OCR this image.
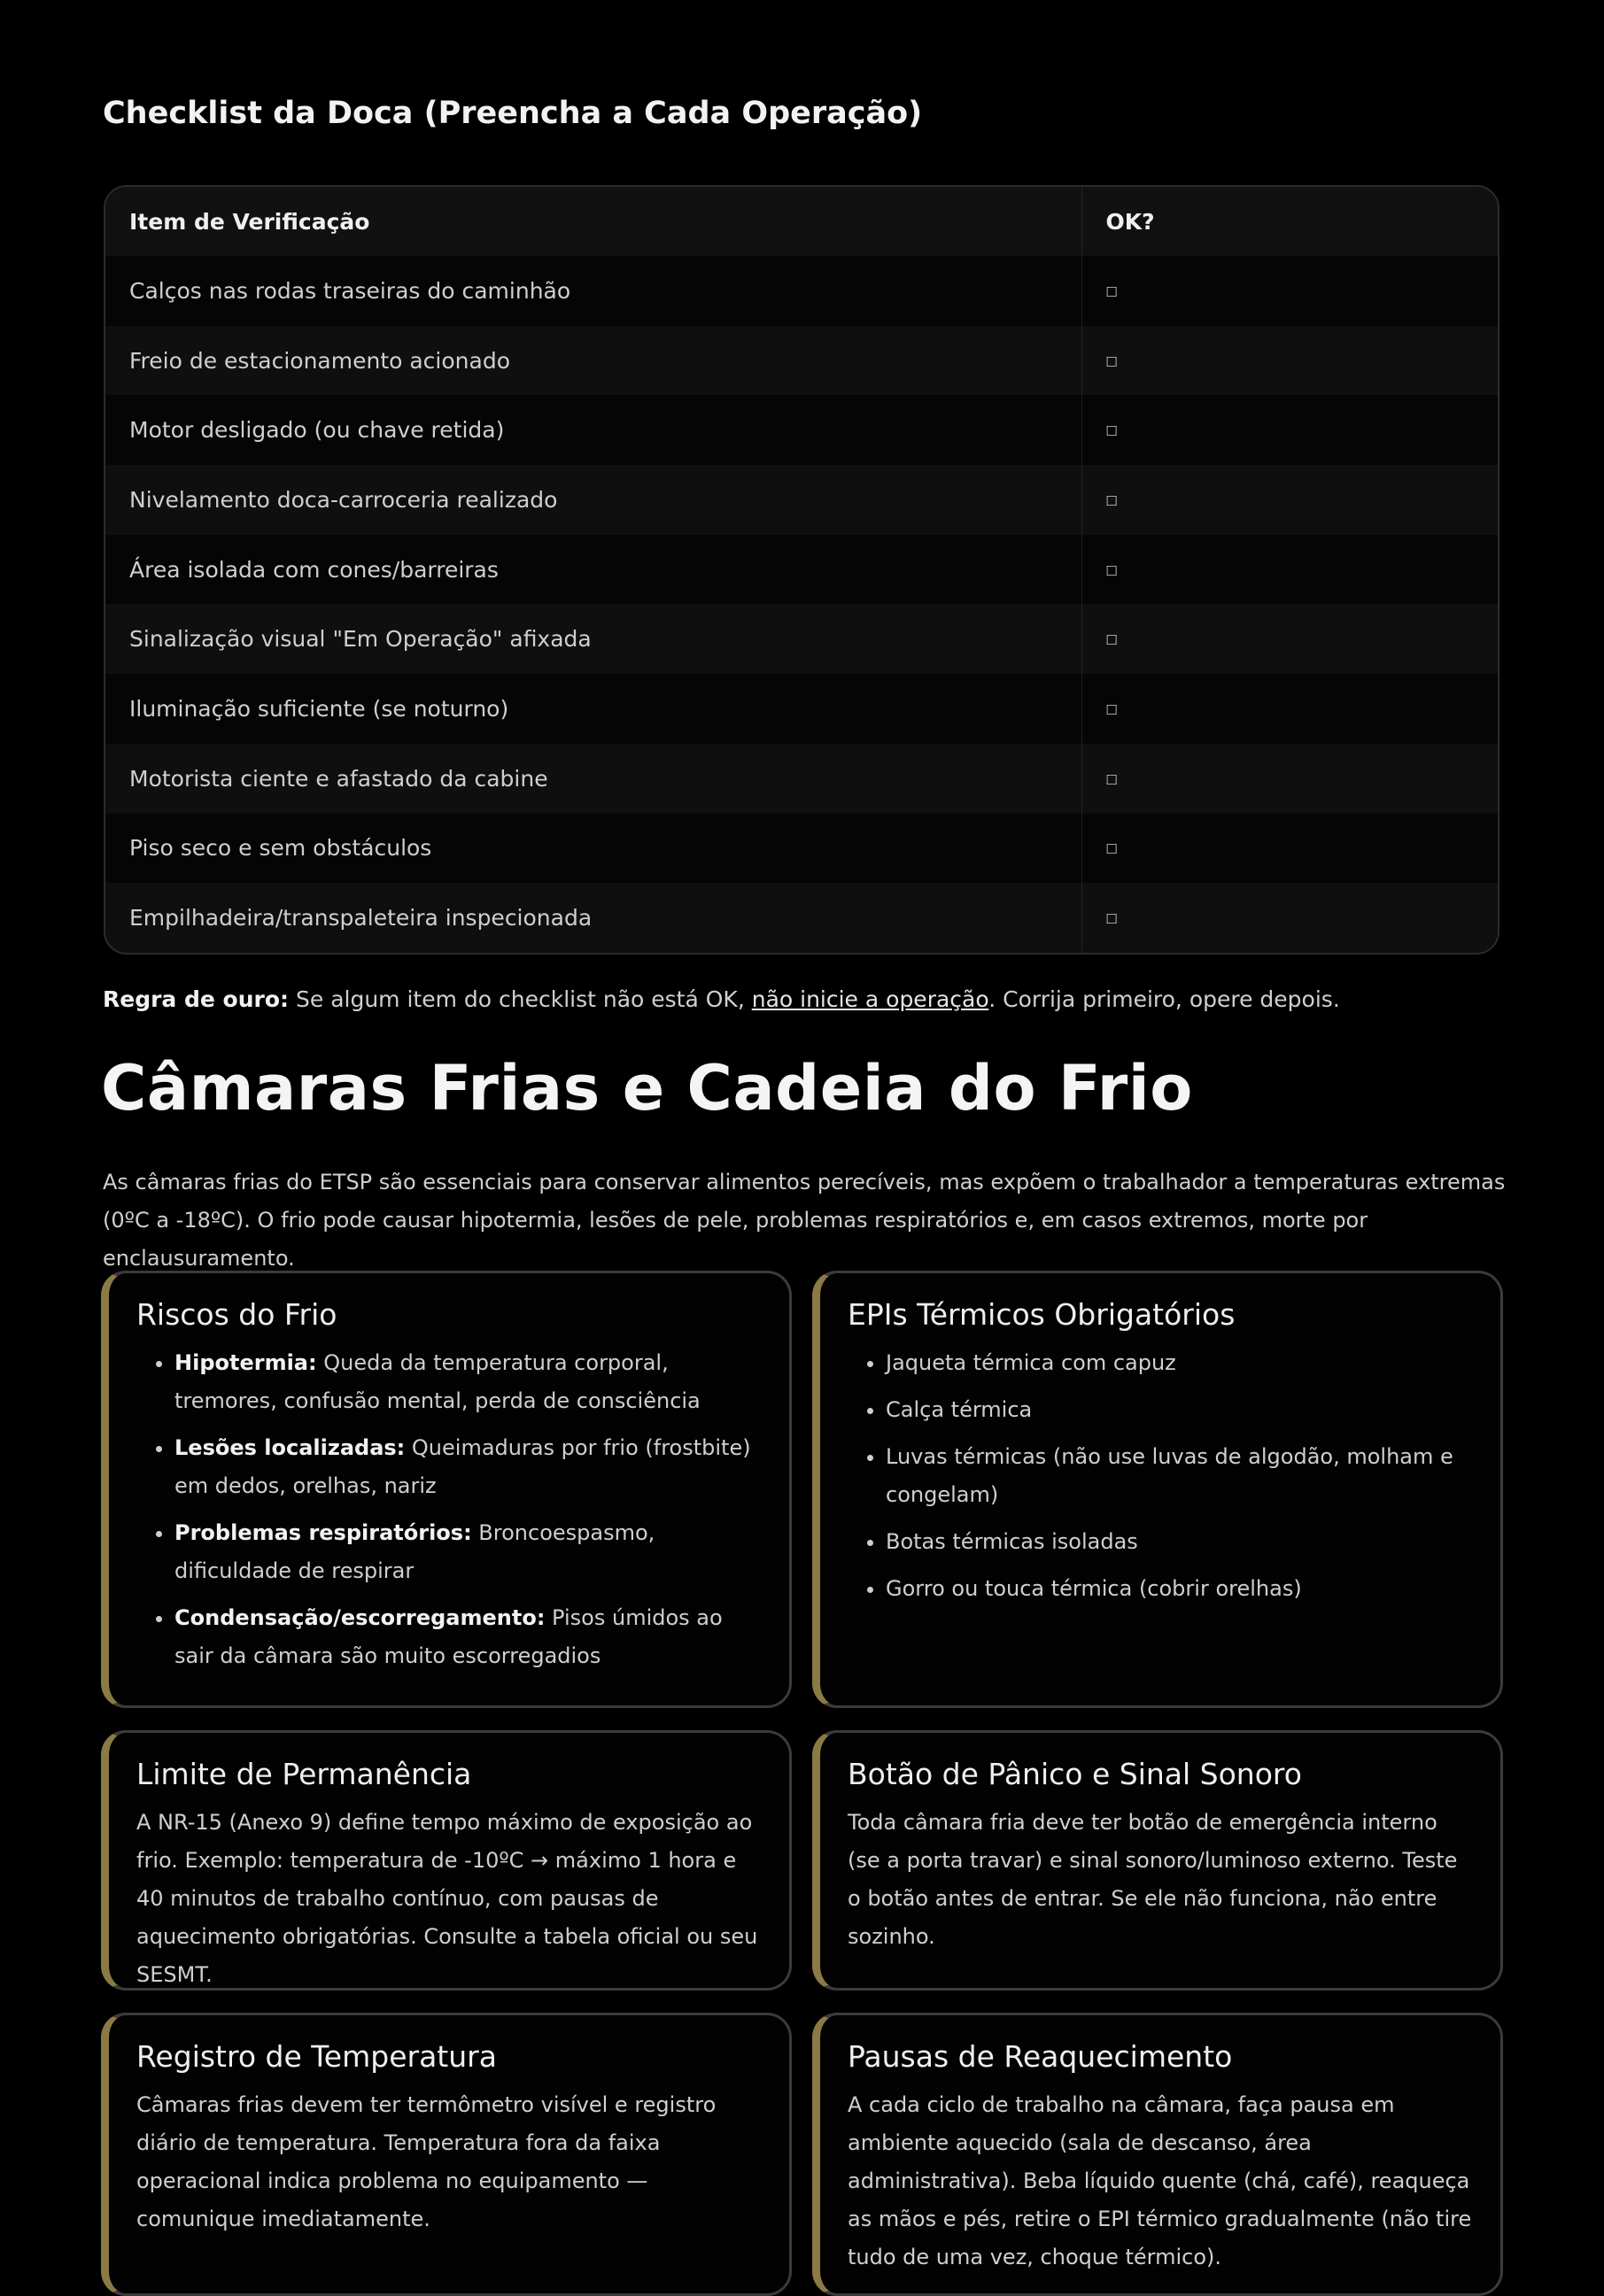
Checklist da Doca (Preencha a Cada Operação)
Item de Verificação	OK?
Calços nas rodas traseiras do caminhão	☐
Freio de estacionamento acionado	☐
Motor desligado (ou chave retida)	☐
Nivelamento doca-carroceria realizado	☐
Área isolada com cones/barreiras	☐
Sinalização visual "Em Operação" afixada	☐
Iluminação suficiente (se noturno)	☐
Motorista ciente e afastado da cabine	☐
Piso seco e sem obstáculos	☐
Empilhadeira/transpaleteira inspecionada	☐

Regra de ouro: Se algum item do checklist não está OK, não inicie a operação. Corrija primeiro, opere depois.

Câmaras Frias e Cadeia do Frio

As câmaras frias do ETSP são essenciais para conservar alimentos perecíveis, mas expõem o trabalhador a temperaturas extremas (0ºC a -18ºC). O frio pode causar hipotermia, lesões de pele, problemas respiratórios e, em casos extremos, morte por enclausuramento.

Riscos do Frio
• Hipotermia: Queda da temperatura corporal, tremores, confusão mental, perda de consciência
• Lesões localizadas: Queimaduras por frio (frostbite) em dedos, orelhas, nariz
• Problemas respiratórios: Broncoespasmo, dificuldade de respirar
• Condensação/escorregamento: Pisos úmidos ao sair da câmara são muito escorregadios
EPIs Térmicos Obrigatórios
• Jaqueta térmica com capuz
• Calça térmica
• Luvas térmicas (não use luvas de algodão, molham e congelam)
• Botas térmicas isoladas
• Gorro ou touca térmica (cobrir orelhas)
Limite de Permanência

A NR-15 (Anexo 9) define tempo máximo de exposição ao frio. Exemplo: temperatura de -10ºC → máximo 1 hora e 40 minutos de trabalho contínuo, com pausas de aquecimento obrigatórias. Consulte a tabela oficial ou seu SESMT.

Botão de Pânico e Sinal Sonoro

Toda câmara fria deve ter botão de emergência interno (se a porta travar) e sinal sonoro/luminoso externo. Teste o botão antes de entrar. Se ele não funciona, não entre sozinho.

Registro de Temperatura

Câmaras frias devem ter termômetro visível e registro diário de temperatura. Temperatura fora da faixa operacional indica problema no equipamento — comunique imediatamente.

Pausas de Reaquecimento

A cada ciclo de trabalho na câmara, faça pausa em ambiente aquecido (sala de descanso, área administrativa). Beba líquido quente (chá, café), reaqueça as mãos e pés, retire o EPI térmico gradualmente (não tire tudo de uma vez, choque térmico).
